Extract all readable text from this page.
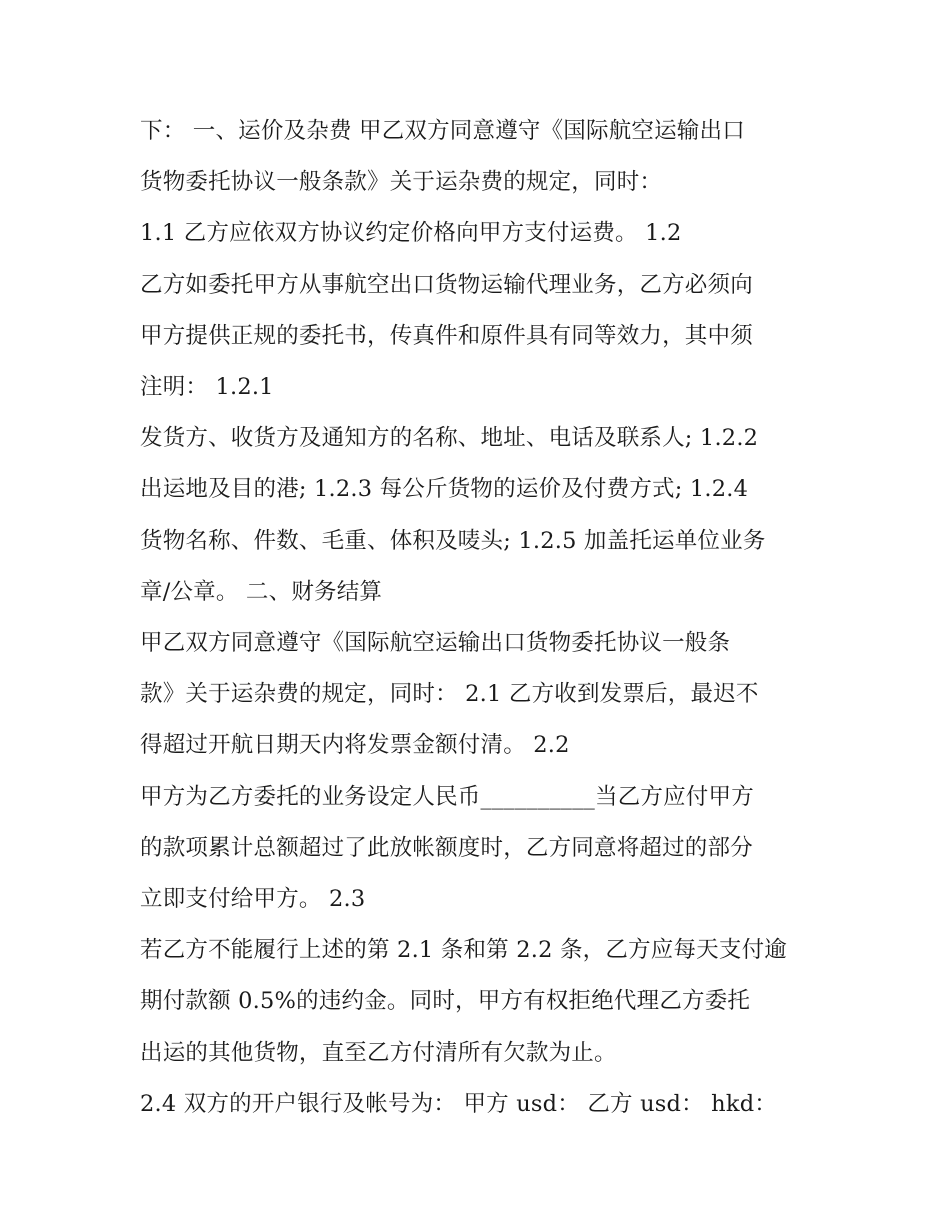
下： 一、运价及杂费 甲乙双方同意遵守《国际航空运输出口
货物委托协议一般条款》关于运杂费的规定，同时：
1.1 乙方应依双方协议约定价格向甲方支付运费。 1.2
乙方如委托甲方从事航空出口货物运输代理业务，乙方必须向
甲方提供正规的委托书，传真件和原件具有同等效力，其中须
注明： 1.2.1
发货方、收货方及通知方的名称、地址、电话及联系人; 1.2.2
出运地及目的港; 1.2.3 每公斤货物的运价及付费方式; 1.2.4
货物名称、件数、毛重、体积及唛头; 1.2.5 加盖托运单位业务
章/公章。 二、财务结算
甲乙双方同意遵守《国际航空运输出口货物委托协议一般条
款》关于运杂费的规定，同时： 2.1 乙方收到发票后，最迟不
得超过开航日期天内将发票金额付清。 2.2
甲方为乙方委托的业务设定人民币__________当乙方应付甲方
的款项累计总额超过了此放帐额度时，乙方同意将超过的部分
立即支付给甲方。 2.3
若乙方不能履行上述的第 2.1 条和第 2.2 条，乙方应每天支付逾
期付款额 0.5%的违约金。同时，甲方有权拒绝代理乙方委托
出运的其他货物，直至乙方付清所有欠款为止。
2.4 双方的开户银行及帐号为： 甲方 usd： 乙方 usd： hkd：
